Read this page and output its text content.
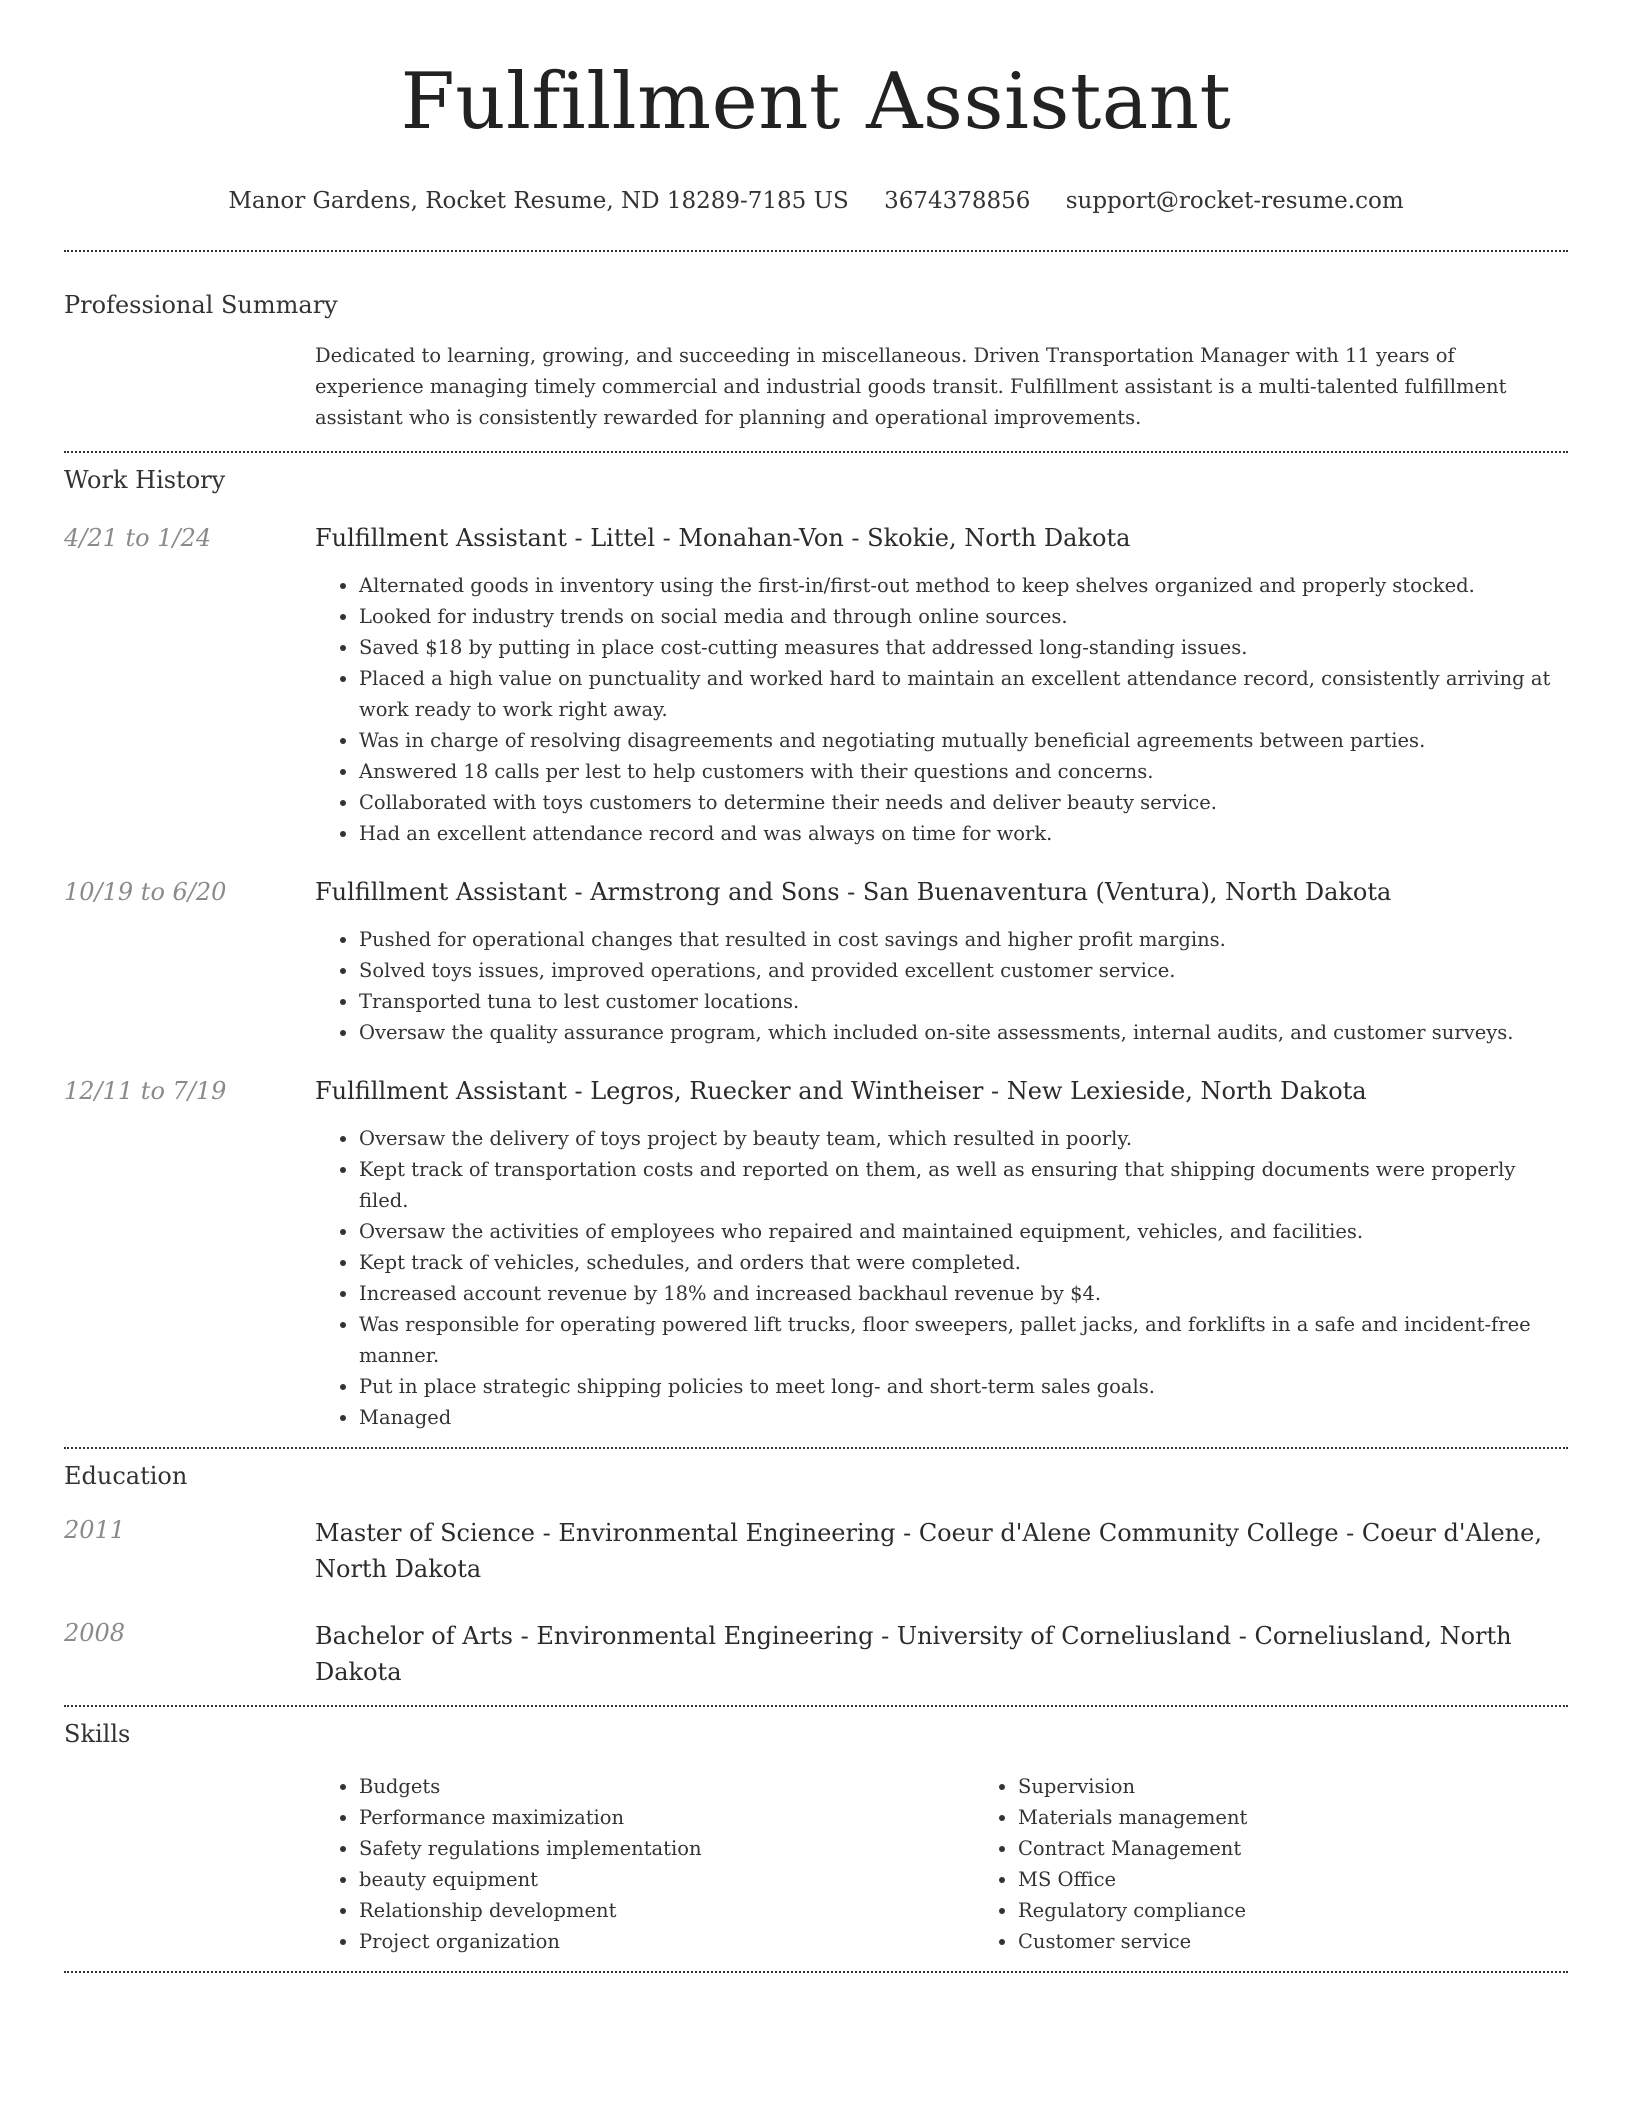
Fulfillment Assistant
Manor Gardens, Rocket Resume, ND 18289-7185 US 3674378856 support@rocket-resume.com
Professional Summary
Dedicated to learning, growing, and succeeding in miscellaneous. Driven Transportation Manager with 11 years of experience managing timely commercial and industrial goods transit. Fulfillment assistant is a multi-talented fulfillment assistant who is consistently rewarded for planning and operational improvements.
Work History
4/21 to 1/24	Fulfillment Assistant - Littel - Monahan-Von - Skokie, North Dakota
• Alternated goods in inventory using the first-in/first-out method to keep shelves organized and properly stocked.
• Looked for industry trends on social media and through online sources.
• Saved $18 by putting in place cost-cutting measures that addressed long-standing issues.
• Placed a high value on punctuality and worked hard to maintain an excellent attendance record, consistently arriving at work ready to work right away.
• Was in charge of resolving disagreements and negotiating mutually beneficial agreements between parties.
• Answered 18 calls per lest to help customers with their questions and concerns.
• Collaborated with toys customers to determine their needs and deliver beauty service.
• Had an excellent attendance record and was always on time for work.
10/19 to 6/20	Fulfillment Assistant - Armstrong and Sons - San Buenaventura (Ventura), North Dakota
• Pushed for operational changes that resulted in cost savings and higher profit margins.
• Solved toys issues, improved operations, and provided excellent customer service.
• Transported tuna to lest customer locations.
• Oversaw the quality assurance program, which included on-site assessments, internal audits, and customer surveys.
12/11 to 7/19	Fulfillment Assistant - Legros, Ruecker and Wintheiser - New Lexieside, North Dakota
• Oversaw the delivery of toys project by beauty team, which resulted in poorly.
• Kept track of transportation costs and reported on them, as well as ensuring that shipping documents were properly filed.
• Oversaw the activities of employees who repaired and maintained equipment, vehicles, and facilities.
• Kept track of vehicles, schedules, and orders that were completed.
• Increased account revenue by 18% and increased backhaul revenue by $4.
• Was responsible for operating powered lift trucks, floor sweepers, pallet jacks, and forklifts in a safe and incident-free manner.
• Put in place strategic shipping policies to meet long- and short-term sales goals.
• Managed
Education
2011	Master of Science - Environmental Engineering - Coeur d'Alene Community College - Coeur d'Alene, North Dakota
2008	Bachelor of Arts - Environmental Engineering - University of Corneliusland - Corneliusland, North Dakota
Skills
• Budgets
• Performance maximization
• Safety regulations implementation
• beauty equipment
• Relationship development
• Project organization
• Supervision
• Materials management
• Contract Management
• MS Office
• Regulatory compliance
• Customer service
